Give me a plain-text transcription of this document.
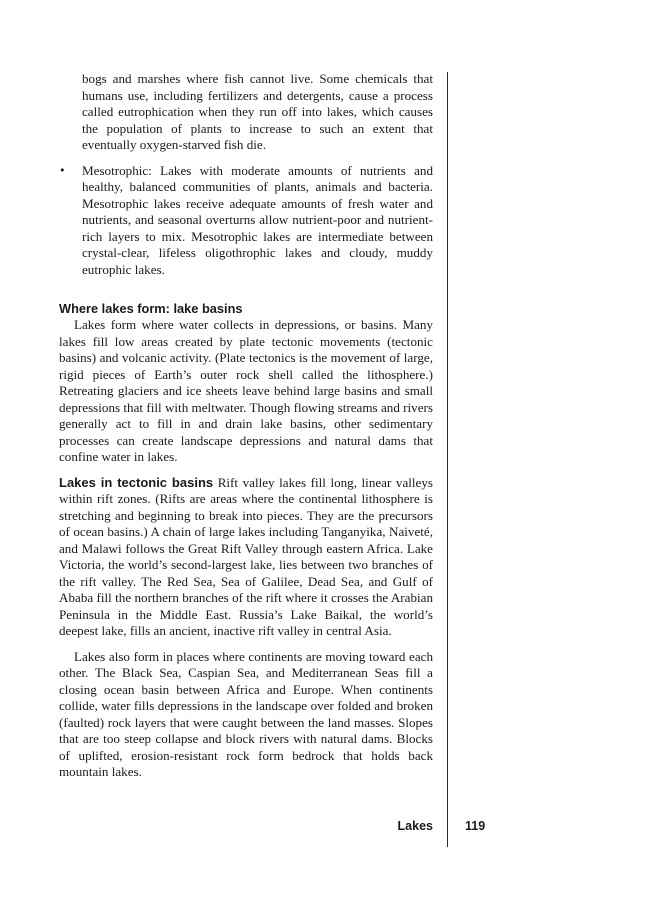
bogs and marshes where fish cannot live. Some chemicals that humans use, including fertilizers and detergents, cause a process called eutrophication when they run off into lakes, which causes the population of plants to increase to such an extent that eventually oxygen-starved fish die.

• Mesotrophic: Lakes with moderate amounts of nutrients and healthy, balanced communities of plants, animals and bacteria. Mesotrophic lakes receive adequate amounts of fresh water and nutrients, and seasonal overturns allow nutrient-poor and nutrient-rich layers to mix. Mesotrophic lakes are intermediate between crystal-clear, lifeless oligothrophic lakes and cloudy, muddy eutrophic lakes.

Where lakes form: lake basins

Lakes form where water collects in depressions, or basins. Many lakes fill low areas created by plate tectonic movements (tectonic basins) and volcanic activity. (Plate tectonics is the movement of large, rigid pieces of Earth’s outer rock shell called the lithosphere.) Retreating glaciers and ice sheets leave behind large basins and small depressions that fill with meltwater. Though flowing streams and rivers generally act to fill in and drain lake basins, other sedimentary processes can create landscape depressions and natural dams that confine water in lakes.

Lakes in tectonic basins Rift valley lakes fill long, linear valleys within rift zones. (Rifts are areas where the continental lithosphere is stretching and beginning to break into pieces. They are the precursors of ocean basins.) A chain of large lakes including Tanganyika, Naiveté, and Malawi follows the Great Rift Valley through eastern Africa. Lake Victoria, the world’s second-largest lake, lies between two branches of the rift valley. The Red Sea, Sea of Galilee, Dead Sea, and Gulf of Ababa fill the northern branches of the rift where it crosses the Arabian Peninsula in the Middle East. Russia’s Lake Baikal, the world’s deepest lake, fills an ancient, inactive rift valley in central Asia.

Lakes also form in places where continents are moving toward each other. The Black Sea, Caspian Sea, and Mediterranean Seas fill a closing ocean basin between Africa and Europe. When continents collide, water fills depressions in the landscape over folded and broken (faulted) rock layers that were caught between the land masses. Slopes that are too steep collapse and block rivers with natural dams. Blocks of uplifted, erosion-resistant rock form bedrock that holds back mountain lakes.

Lakes	119
